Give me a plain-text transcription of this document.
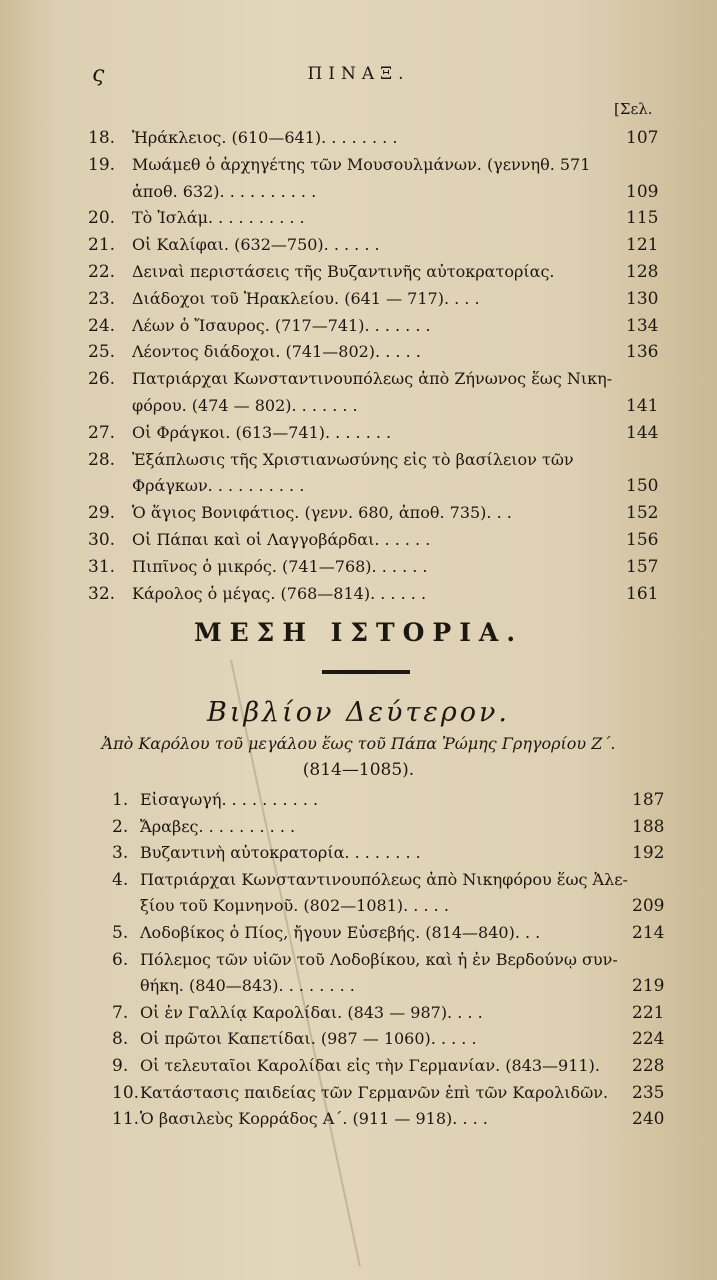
ς	ΠΙΝΑΞ.
[Σελ.
18.	Ἡράκλειος. (610—641). . . . . . . .	107
19.	Μωάμεθ ὁ ἀρχηγέτης τῶν Μουσουλμάνων. (γεννηθ. 571
ἀποθ. 632). . . . . . . . . .	109
20.	Τὸ Ἰσλάμ. . . . . . . . . .	115
21.	Οἱ Καλίφαι. (632—750). . . . . .	121
22.	Δειναὶ περιστάσεις τῆς Βυζαντινῆς αὐτοκρατορίας.	128
23.	Διάδοχοι τοῦ Ἡρακλείου. (641 — 717). . . .	130
24.	Λέων ὁ Ἴσαυρος. (717—741). . . . . . .	134
25.	Λέοντος διάδοχοι. (741—802). . . . .	136
26.	Πατριάρχαι Κωνσταντινουπόλεως ἀπὸ Ζήνωνος ἕως Νικη-
φόρου. (474 — 802). . . . . . .	141
27.	Οἱ Φράγκοι. (613—741). . . . . . .	144
28.	Ἐξάπλωσις τῆς Χριστιανωσύνης εἰς τὸ βασίλειον τῶν
Φράγκων. . . . . . . . . .	150
29.	Ὁ ἅγιος Βονιφάτιος. (γενν. 680, ἀποθ. 735). . .	152
30.	Οἱ Πάπαι καὶ οἱ Λαγγοβάρδαι. . . . . .	156
31.	Πιπῖνος ὁ μικρός. (741—768). . . . . .	157
32.	Κάρολος ὁ μέγας. (768—814). . . . . .	161
ΜΕΣΗ ΙΣΤΟΡΙΑ.
Βιβλίον Δεύτερον.
Ἀπὸ Καρόλου τοῦ μεγάλου ἕως τοῦ Πάπα Ῥώμης Γρηγορίου Ζ΄.
(814—1085).
1. Εἰσαγωγή. . . . . . . . . .	187
2. Ἄραβες. . . . . . . . . .	188
3. Βυζαντινὴ αὐτοκρατορία. . . . . . . .	192
4. Πατριάρχαι Κωνσταντινουπόλεως ἀπὸ Νικηφόρου ἕως Ἀλε-
ξίου τοῦ Κομνηνοῦ. (802—1081). . . . .	209
5. Λοδοβίκος ὁ Πίος, ἤγουν Εὐσεβής. (814—840). . .	214
6. Πόλεμος τῶν υἱῶν τοῦ Λοδοβίκου, καὶ ἡ ἐν Βερδούνῳ συν-
θήκη. (840—843). . . . . . . .	219
7. Οἱ ἐν Γαλλίᾳ Καρολίδαι. (843 — 987). . . .	221
8. Οἱ πρῶτοι Καπετίδαι. (987 — 1060). . . . .	224
9. Οἱ τελευταῖοι Καρολίδαι εἰς τὴν Γερμανίαν. (843—911).	228
10. Κατάστασις παιδείας τῶν Γερμανῶν ἐπὶ τῶν Καρολιδῶν.	235
11. Ὁ βασιλεὺς Κορράδος Α΄. (911 — 918). . . .	240
